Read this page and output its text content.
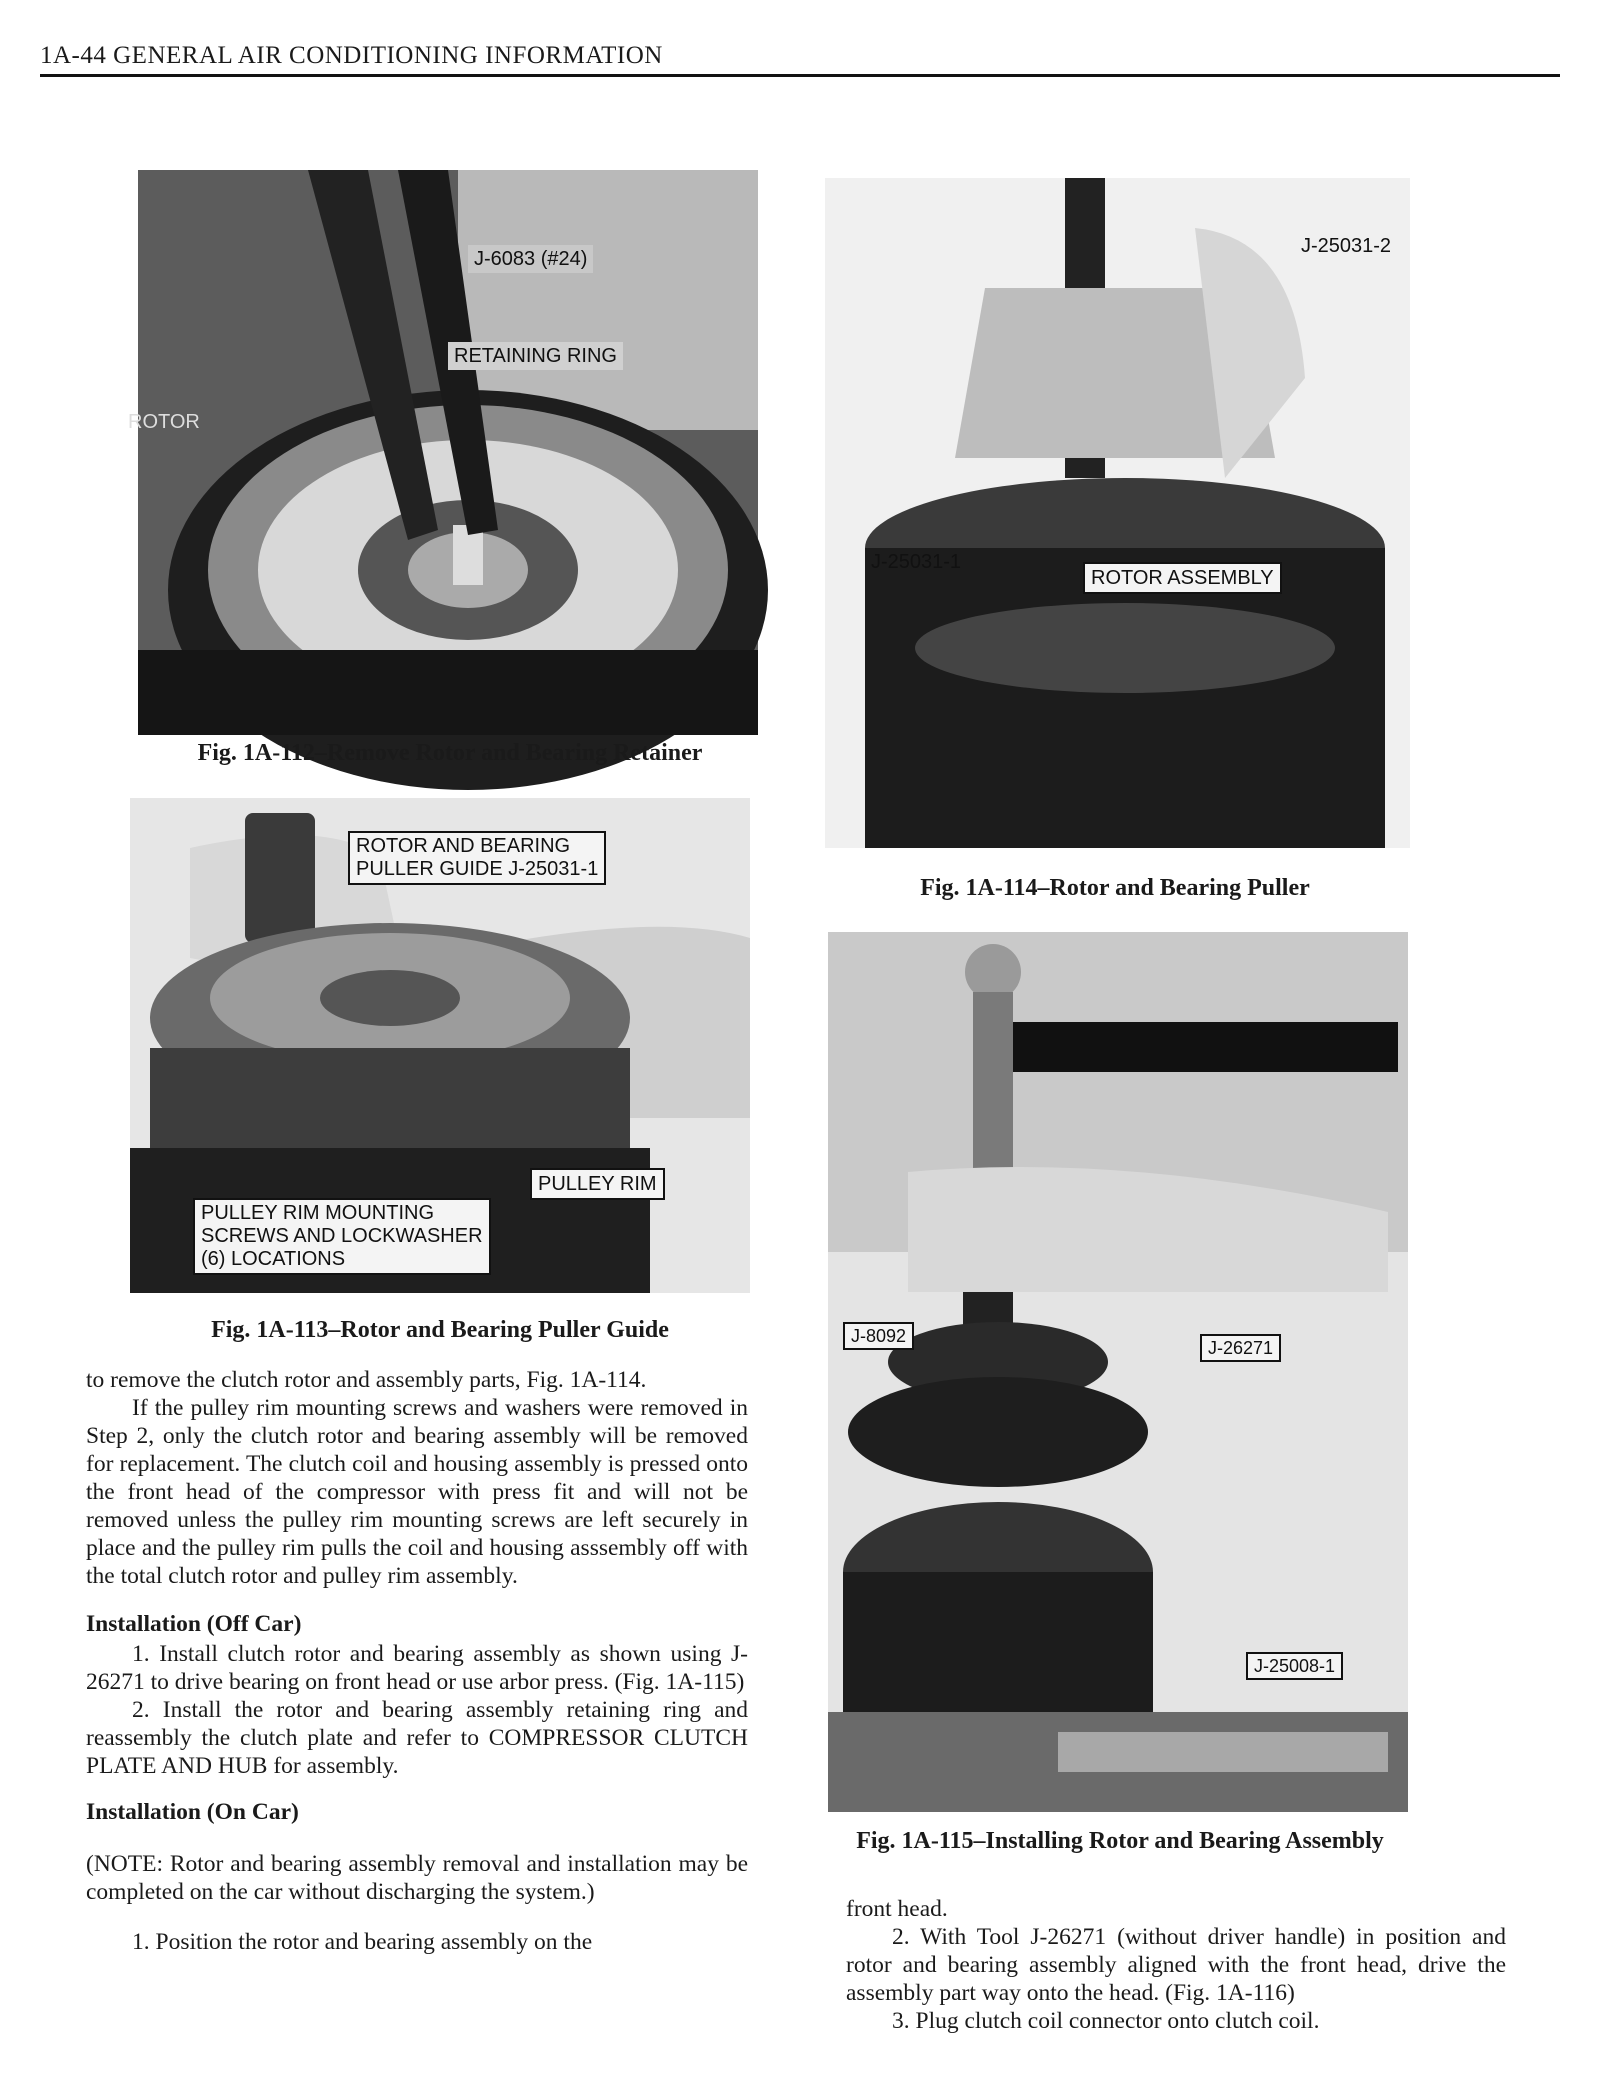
1A-44 GENERAL AIR CONDITIONING INFORMATION
J-6083 (#24)
RETAINING RING
ROTOR
Fig. 1A-112–Remove Rotor and Bearing Retainer
ROTOR AND BEARING
PULLER GUIDE J-25031-1
PULLEY RIM
PULLEY RIM MOUNTING
SCREWS AND LOCKWASHER
(6) LOCATIONS
Fig. 1A-113–Rotor and Bearing Puller Guide
J-25031-2
J-25031-1
ROTOR ASSEMBLY
Fig. 1A-114–Rotor and Bearing Puller
J-8092
J-26271
J-25008-1
Fig. 1A-115–Installing Rotor and Bearing Assembly

to remove the clutch rotor and assembly parts, Fig. 1A-114.

If the pulley rim mounting screws and washers were removed in Step 2, only the clutch rotor and bearing assembly will be removed for replacement. The clutch coil and housing assembly is pressed onto the front head of the compressor with press fit and will not be removed unless the pulley rim mounting screws are left securely in place and the pulley rim pulls the coil and housing asssembly off with the total clutch rotor and pulley rim assembly.

Installation (Off Car)

1. Install clutch rotor and bearing assembly as shown using J-26271 to drive bearing on front head or use arbor press. (Fig. 1A-115)

2. Install the rotor and bearing assembly retaining ring and reassembly the clutch plate and refer to COMPRESSOR CLUTCH PLATE AND HUB for assembly.

Installation (On Car)

(NOTE: Rotor and bearing assembly removal and installation may be completed on the car without discharging the system.)

1. Position the rotor and bearing assembly on the

front head.

2. With Tool J-26271 (without driver handle) in position and rotor and bearing assembly aligned with the front head, drive the assembly part way onto the head. (Fig. 1A-116)

3. Plug clutch coil connector onto clutch coil.
